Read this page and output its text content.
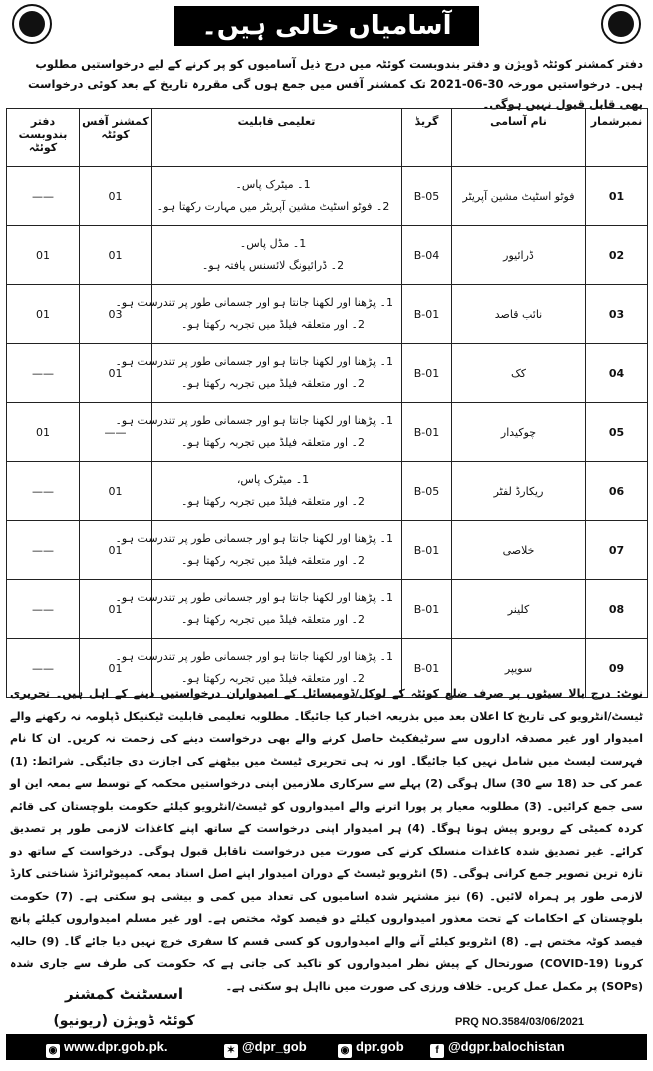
آسامیاں خالی ہیں۔
دفتر کمشنر کوئٹہ ڈویژن و دفتر بندوبست کوئٹہ میں درج ذیل آسامیوں کو پر کرنے کے لیے درخواستیں مطلوب ہیں۔ درخواستیں مورخہ 30-06-2021 تک کمشنر آفس میں جمع ہوں گی مقررہ تاریخ کے بعد کوئی درخواست بھی قابل قبول نہیں ہوگی۔
نمبرشمار	نام آسامی	گریڈ	تعلیمی قابلیت	کمشنر آفس کوئٹہ	دفتر بندوبست کوئٹہ
01	فوٹو اسٹیٹ مشین آپریٹر	B-05	1۔ میٹرک پاس۔
2۔ فوٹو اسٹیٹ مشین آپریٹر میں مہارت رکھتا ہو۔	01	——
02	ڈرائیور	B-04	1۔ مڈل پاس۔
2۔ ڈرائیونگ لائسنس یافتہ ہو۔	01	01
03	نائب قاصد	B-01	1۔ پڑھنا اور لکھنا جانتا ہو اور جسمانی طور پر تندرست ہو۔
2۔ اور متعلقہ فیلڈ میں تجربہ رکھتا ہو۔	03	01
04	کک	B-01	1۔ پڑھنا اور لکھنا جانتا ہو اور جسمانی طور پر تندرست ہو۔
2۔ اور متعلقہ فیلڈ میں تجربہ رکھتا ہو۔	01	——
05	چوکیدار	B-01	1۔ پڑھنا اور لکھنا جانتا ہو اور جسمانی طور پر تندرست ہو۔
2۔ اور متعلقہ فیلڈ میں تجربہ رکھتا ہو۔	——	01
06	ریکارڈ لفٹر	B-05	1۔ میٹرک پاس،
2۔ اور متعلقہ فیلڈ میں تجربہ رکھتا ہو۔	01	——
07	خلاصی	B-01	1۔ پڑھنا اور لکھنا جانتا ہو اور جسمانی طور پر تندرست ہو۔
2۔ اور متعلقہ فیلڈ میں تجربہ رکھتا ہو۔	01	——
08	کلینر	B-01	1۔ پڑھنا اور لکھنا جانتا ہو اور جسمانی طور پر تندرست ہو۔
2۔ اور متعلقہ فیلڈ میں تجربہ رکھتا ہو۔	01	——
09	سویپر	B-01	1۔ پڑھنا اور لکھنا جانتا ہو اور جسمانی طور پر تندرست ہو۔
2۔ اور متعلقہ فیلڈ میں تجربہ رکھتا ہو۔	01	——
نوٹ: درج بالا سیٹوں پر صرف ضلع کوئٹہ کے لوکل/ڈومیسائل کے امیدواران درخواستیں دینے کے اہل ہیں۔ تحریری ٹیسٹ/انٹرویو کی تاریخ کا اعلان بعد میں بذریعہ اخبار کیا جائیگا۔ مطلوبہ تعلیمی قابلیت ٹیکنیکل ڈپلومہ نہ رکھنے والے امیدوار اور غیر مصدقہ اداروں سے سرٹیفکیٹ حاصل کرنے والے بھی درخواست دینے کی زحمت نہ کریں۔ ان کا نام فہرست لیسٹ میں شامل نہیں کیا جائیگا۔ اور نہ ہی تحریری ٹیسٹ میں بیٹھنے کی اجازت دی جائیگی۔ شرائط: (1) عمر کی حد (18 سے 30) سال ہوگی (2) پہلے سے سرکاری ملازمین اپنی درخواستیں محکمہ کے توسط سے بمعہ این او سی جمع کرائیں۔ (3) مطلوبہ معیار پر پورا اترنے والے امیدواروں کو ٹیسٹ/انٹرویو کیلئے حکومت بلوچستان کی قائم کردہ کمیٹی کے روبرو پیش ہونا ہوگا۔ (4) ہر امیدوار اپنی درخواست کے ساتھ اپنے کاغذات لازمی طور پر تصدیق کرائے۔ غیر تصدیق شدہ کاغذات منسلک کرنے کی صورت میں درخواست ناقابل قبول ہوگی۔ درخواست کے ساتھ دو تازہ ترین تصویر جمع کرانی ہوگی۔ (5) انٹرویو ٹیسٹ کے دوران امیدوار اپنے اصل اسناد بمعہ کمپیوٹرائزڈ شناختی کارڈ لازمی طور پر ہمراہ لائیں۔ (6) نیز مشتہر شدہ اسامیوں کی تعداد میں کمی و بیشی ہو سکتی ہے۔ (7) حکومت بلوچستان کے احکامات کے تحت معذور امیدواروں کیلئے دو فیصد کوٹہ مختص ہے۔ اور غیر مسلم امیدواروں کیلئے پانچ فیصد کوٹہ مختص ہے۔ (8) انٹرویو کیلئے آنے والے امیدواروں کو کسی قسم کا سفری خرچ نہیں دیا جائے گا۔ (9) حالیہ کرونا (COVID-19) صورتحال کے پیش نظر امیدواروں کو تاکید کی جاتی ہے کہ حکومت کی طرف سے جاری شدہ (SOPs) پر مکمل عمل کریں۔ خلاف ورزی کی صورت میں نااہل ہو سکتی ہے۔
اسسٹنٹ کمشنر
(ریونیو) کوئٹہ ڈویژن	PRQ NO.3584/03/06/2021
◉ www.dpr.gob.pk.	✶ @dpr_gob	◉ dpr.gob	f @dgpr.balochistan
